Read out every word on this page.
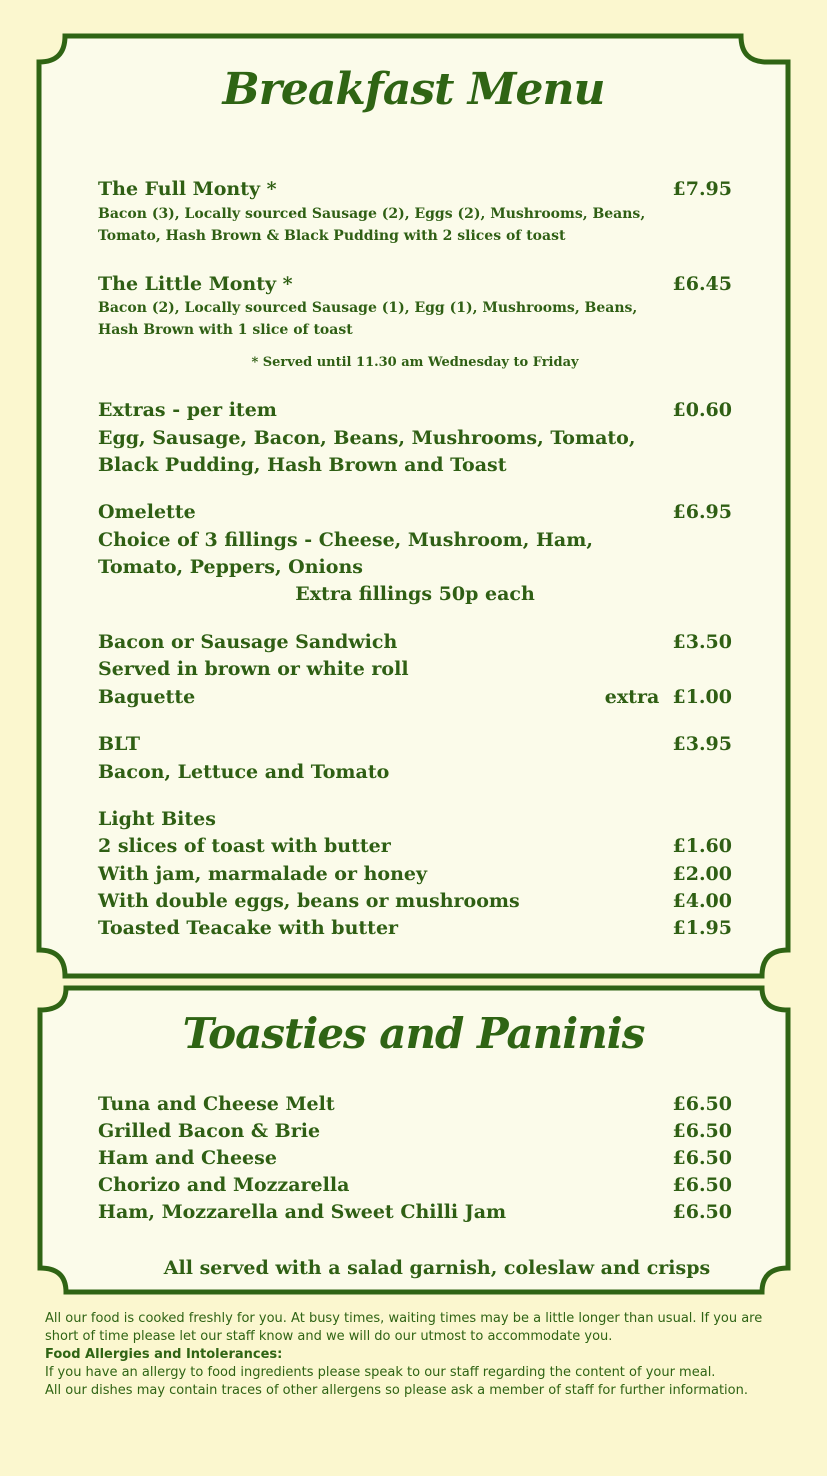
Breakfast Menu
The Full Monty *	£7.95
Bacon (3), Locally sourced Sausage (2), Eggs (2), Mushrooms, Beans,
Tomato, Hash Brown & Black Pudding with 2 slices of toast
The Little Monty *	£6.45
Bacon (2), Locally sourced Sausage (1), Egg (1), Mushrooms, Beans,
Hash Brown with 1 slice of toast
* Served until 11.30 am Wednesday to Friday
Extras - per item	£0.60
Egg, Sausage, Bacon, Beans, Mushrooms, Tomato,
Black Pudding, Hash Brown and Toast
Omelette	£6.95
Choice of 3 fillings - Cheese, Mushroom, Ham,
Tomato, Peppers, Onions
Extra fillings 50p each
Bacon or Sausage Sandwich	£3.50
Served in brown or white roll
Baguette	extra  £1.00
BLT	£3.95
Bacon, Lettuce and Tomato
Light Bites
2 slices of toast with butter	£1.60
With jam, marmalade or honey	£2.00
With double eggs, beans or mushrooms	£4.00
Toasted Teacake with butter	£1.95
Toasties and Paninis
Tuna and Cheese Melt	£6.50
Grilled Bacon & Brie	£6.50
Ham and Cheese	£6.50
Chorizo and Mozzarella	£6.50
Ham, Mozzarella and Sweet Chilli Jam	£6.50
All served with a salad garnish, coleslaw and crisps

All our food is cooked freshly for you. At busy times, waiting times may be a little longer than usual. If you are short of time please let our staff know and we will do our utmost to accommodate you.

Food Allergies and Intolerances:

If you have an allergy to food ingredients please speak to our staff regarding the content of your meal.

All our dishes may contain traces of other allergens so please ask a member of staff for further information.
